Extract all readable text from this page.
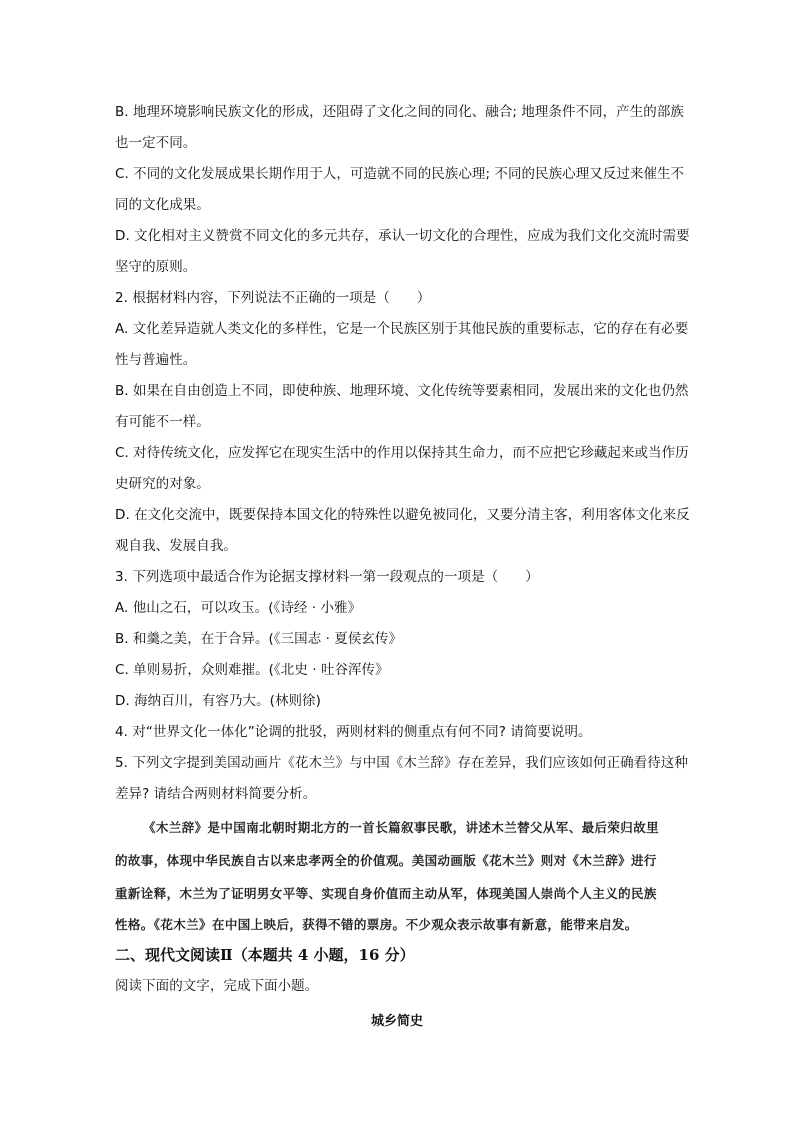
B. 地理环境影响民族文化的形成，还阻碍了文化之间的同化、融合; 地理条件不同，产生的部族
也一定不同。
C. 不同的文化发展成果长期作用于人，可造就不同的民族心理; 不同的民族心理又反过来催生不
同的文化成果。
D. 文化相对主义赞赏不同文化的多元共存，承认一切文化的合理性，应成为我们文化交流时需要
坚守的原则。
2. 根据材料内容，下列说法不正确的一项是（　　）
A. 文化差异造就人类文化的多样性，它是一个民族区别于其他民族的重要标志，它的存在有必要
性与普遍性。
B. 如果在自由创造上不同，即使种族、地理环境、文化传统等要素相同，发展出来的文化也仍然
有可能不一样。
C. 对待传统文化，应发挥它在现实生活中的作用以保持其生命力，而不应把它珍藏起来或当作历
史研究的对象。
D. 在文化交流中，既要保持本国文化的特殊性以避免被同化，又要分清主客，利用客体文化来反
观自我、发展自我。
3. 下列选项中最适合作为论据支撑材料一第一段观点的一项是（　　）
A. 他山之石，可以攻玉。(《诗经 · 小雅》
B. 和羹之美，在于合异。(《三国志 · 夏侯玄传》
C. 单则易折，众则难摧。(《北史 · 吐谷浑传》
D. 海纳百川，有容乃大。(林则徐)
4. 对“世界文化一体化”论调的批驳，两则材料的侧重点有何不同? 请简要说明。
5. 下列文字提到美国动画片《花木兰》与中国《木兰辞》存在差异，我们应该如何正确看待这种
差异? 请结合两则材料简要分析。
《木兰辞》是中国南北朝时期北方的一首长篇叙事民歌，讲述木兰替父从军、最后荣归故里
的故事，体现中华民族自古以来忠孝两全的价值观。美国动画版《花木兰》则对《木兰辞》进行
重新诠释，木兰为了证明男女平等、实现自身价值而主动从军，体现美国人崇尚个人主义的民族
性格。《花木兰》在中国上映后，获得不错的票房。不少观众表示故事有新意，能带来启发。
二、现代文阅读Ⅱ（本题共 4 小题，16 分）
阅读下面的文字，完成下面小题。
城乡简史
